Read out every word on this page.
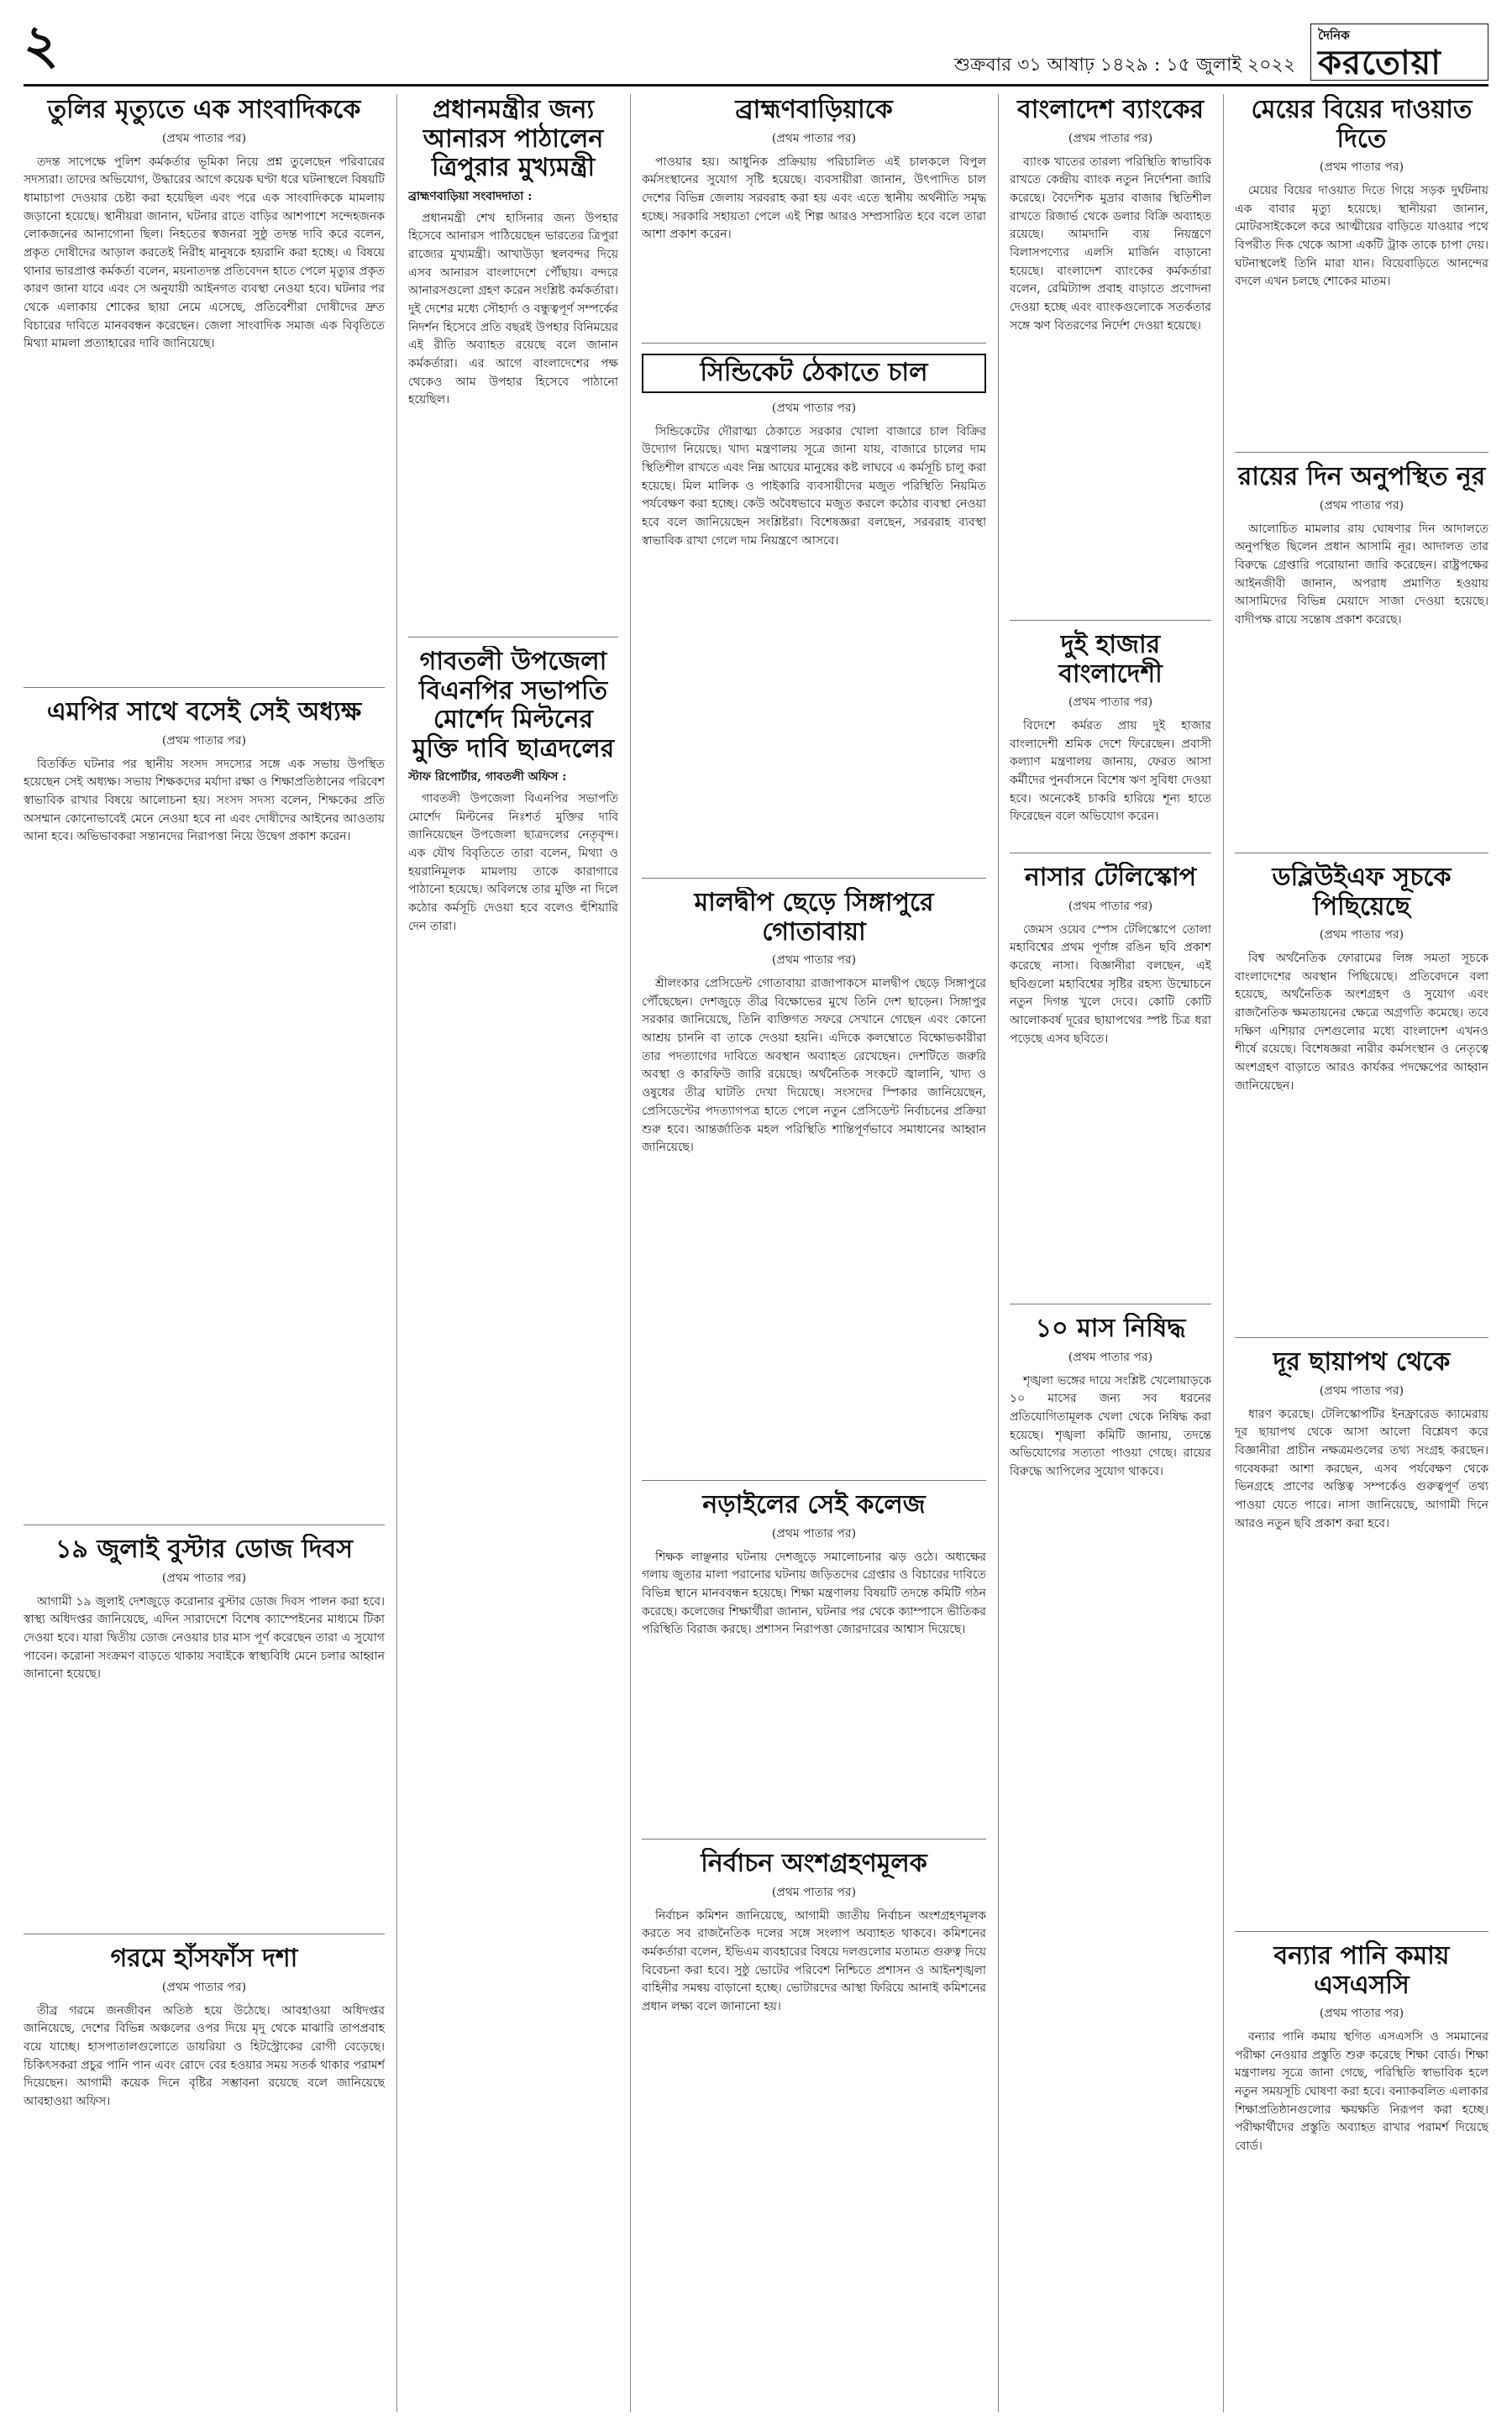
২	শুক্রবার ৩১ আষাঢ় ১৪২৯ : ১৫ জুলাই ২০২২
দৈনিক
করতোয়া
তুলির মৃত্যুতে এক সাংবাদিককে
(প্রথম পাতার পর)

তদন্ত সাপেক্ষে পুলিশ কর্মকর্তার ভূমিকা নিয়ে প্রশ্ন তুলেছেন পরিবারের সদস্যরা। তাদের অভিযোগ, উদ্ধারের আগে কয়েক ঘণ্টা ধরে ঘটনাস্থলে বিষয়টি ধামাচাপা দেওয়ার চেষ্টা করা হয়েছিল এবং পরে এক সাংবাদিককে মামলায় জড়ানো হয়েছে। স্থানীয়রা জানান, ঘটনার রাতে বাড়ির আশপাশে সন্দেহজনক লোকজনের আনাগোনা ছিল। নিহতের স্বজনরা সুষ্ঠু তদন্ত দাবি করে বলেন, প্রকৃত দোষীদের আড়াল করতেই নিরীহ মানুষকে হয়রানি করা হচ্ছে। এ বিষয়ে থানার ভারপ্রাপ্ত কর্মকর্তা বলেন, ময়নাতদন্ত প্রতিবেদন হাতে পেলে মৃত্যুর প্রকৃত কারণ জানা যাবে এবং সে অনুযায়ী আইনগত ব্যবস্থা নেওয়া হবে। ঘটনার পর থেকে এলাকায় শোকের ছায়া নেমে এসেছে, প্রতিবেশীরা দোষীদের দ্রুত বিচারের দাবিতে মানববন্ধন করেছেন। জেলা সাংবাদিক সমাজ এক বিবৃতিতে মিথ্যা মামলা প্রত্যাহারের দাবি জানিয়েছে।

এমপির সাথে বসেই সেই অধ্যক্ষ
(প্রথম পাতার পর)

বিতর্কিত ঘটনার পর স্থানীয় সংসদ সদস্যের সঙ্গে এক সভায় উপস্থিত হয়েছেন সেই অধ্যক্ষ। সভায় শিক্ষকদের মর্যাদা রক্ষা ও শিক্ষাপ্রতিষ্ঠানের পরিবেশ স্বাভাবিক রাখার বিষয়ে আলোচনা হয়। সংসদ সদস্য বলেন, শিক্ষকের প্রতি অসম্মান কোনোভাবেই মেনে নেওয়া হবে না এবং দোষীদের আইনের আওতায় আনা হবে। অভিভাবকরা সন্তানদের নিরাপত্তা নিয়ে উদ্বেগ প্রকাশ করেন।

১৯ জুলাই বুস্টার ডোজ দিবস
(প্রথম পাতার পর)

আগামী ১৯ জুলাই দেশজুড়ে করোনার বুস্টার ডোজ দিবস পালন করা হবে। স্বাস্থ্য অধিদপ্তর জানিয়েছে, এদিন সারাদেশে বিশেষ ক্যাম্পেইনের মাধ্যমে টিকা দেওয়া হবে। যারা দ্বিতীয় ডোজ নেওয়ার চার মাস পূর্ণ করেছেন তারা এ সুযোগ পাবেন। করোনা সংক্রমণ বাড়তে থাকায় সবাইকে স্বাস্থ্যবিধি মেনে চলার আহ্বান জানানো হয়েছে।

গরমে হাঁসফাঁস দশা
(প্রথম পাতার পর)

তীব্র গরমে জনজীবন অতিষ্ঠ হয়ে উঠেছে। আবহাওয়া অধিদপ্তর জানিয়েছে, দেশের বিভিন্ন অঞ্চলের ওপর দিয়ে মৃদু থেকে মাঝারি তাপপ্রবাহ বয়ে যাচ্ছে। হাসপাতালগুলোতে ডায়রিয়া ও হিটস্ট্রোকের রোগী বেড়েছে। চিকিৎসকরা প্রচুর পানি পান এবং রোদে বের হওয়ার সময় সতর্ক থাকার পরামর্শ দিয়েছেন। আগামী কয়েক দিনে বৃষ্টির সম্ভাবনা রয়েছে বলে জানিয়েছে আবহাওয়া অফিস।

প্রধানমন্ত্রীর জন্য আনারস পাঠালেন ত্রিপুরার মুখ্যমন্ত্রী
ব্রাহ্মণবাড়িয়া সংবাদদাতা :

প্রধানমন্ত্রী শেখ হাসিনার জন্য উপহার হিসেবে আনারস পাঠিয়েছেন ভারতের ত্রিপুরা রাজ্যের মুখ্যমন্ত্রী। আখাউড়া স্থলবন্দর দিয়ে এসব আনারস বাংলাদেশে পৌঁছায়। বন্দরে আনারসগুলো গ্রহণ করেন সংশ্লিষ্ট কর্মকর্তারা। দুই দেশের মধ্যে সৌহার্দ্য ও বন্ধুত্বপূর্ণ সম্পর্কের নিদর্শন হিসেবে প্রতি বছরই উপহার বিনিময়ের এই রীতি অব্যাহত রয়েছে বলে জানান কর্মকর্তারা। এর আগে বাংলাদেশের পক্ষ থেকেও আম উপহার হিসেবে পাঠানো হয়েছিল।

গাবতলী উপজেলা বিএনপির সভাপতি মোর্শেদ মিল্টনের মুক্তি দাবি ছাত্রদলের
স্টাফ রিপোর্টার, গাবতলী অফিস :

গাবতলী উপজেলা বিএনপির সভাপতি মোর্শেদ মিল্টনের নিঃশর্ত মুক্তির দাবি জানিয়েছেন উপজেলা ছাত্রদলের নেতৃবৃন্দ। এক যৌথ বিবৃতিতে তারা বলেন, মিথ্যা ও হয়রানিমূলক মামলায় তাকে কারাগারে পাঠানো হয়েছে। অবিলম্বে তার মুক্তি না দিলে কঠোর কর্মসূচি দেওয়া হবে বলেও হুঁশিয়ারি দেন তারা।

ব্রাহ্মণবাড়িয়াকে
(প্রথম পাতার পর)

পাওয়ার হয়। আধুনিক প্রক্রিয়ায় পরিচালিত এই চালকলে বিপুল কর্মসংস্থানের সুযোগ সৃষ্টি হয়েছে। ব্যবসায়ীরা জানান, উৎপাদিত চাল দেশের বিভিন্ন জেলায় সরবরাহ করা হয় এবং এতে স্থানীয় অর্থনীতি সমৃদ্ধ হচ্ছে। সরকারি সহায়তা পেলে এই শিল্প আরও সম্প্রসারিত হবে বলে তারা আশা প্রকাশ করেন।

সিন্ডিকেট ঠেকাতে চাল
(প্রথম পাতার পর)

সিন্ডিকেটের দৌরাত্ম্য ঠেকাতে সরকার খোলা বাজারে চাল বিক্রির উদ্যোগ নিয়েছে। খাদ্য মন্ত্রণালয় সূত্রে জানা যায়, বাজারে চালের দাম স্থিতিশীল রাখতে এবং নিম্ন আয়ের মানুষের কষ্ট লাঘবে এ কর্মসূচি চালু করা হয়েছে। মিল মালিক ও পাইকারি ব্যবসায়ীদের মজুত পরিস্থিতি নিয়মিত পর্যবেক্ষণ করা হচ্ছে। কেউ অবৈধভাবে মজুত করলে কঠোর ব্যবস্থা নেওয়া হবে বলে জানিয়েছেন সংশ্লিষ্টরা। বিশেষজ্ঞরা বলছেন, সরবরাহ ব্যবস্থা স্বাভাবিক রাখা গেলে দাম নিয়ন্ত্রণে আসবে।

মালদ্বীপ ছেড়ে সিঙ্গাপুরে গোতাবায়া
(প্রথম পাতার পর)

শ্রীলংকার প্রেসিডেন্ট গোতাবায়া রাজাপাকসে মালদ্বীপ ছেড়ে সিঙ্গাপুরে পৌঁছেছেন। দেশজুড়ে তীব্র বিক্ষোভের মুখে তিনি দেশ ছাড়েন। সিঙ্গাপুর সরকার জানিয়েছে, তিনি ব্যক্তিগত সফরে সেখানে গেছেন এবং কোনো আশ্রয় চাননি বা তাকে দেওয়া হয়নি। এদিকে কলম্বোতে বিক্ষোভকারীরা তার পদত্যাগের দাবিতে অবস্থান অব্যাহত রেখেছেন। দেশটিতে জরুরি অবস্থা ও কারফিউ জারি রয়েছে। অর্থনৈতিক সংকটে জ্বালানি, খাদ্য ও ওষুধের তীব্র ঘাটতি দেখা দিয়েছে। সংসদের স্পিকার জানিয়েছেন, প্রেসিডেন্টের পদত্যাগপত্র হাতে পেলে নতুন প্রেসিডেন্ট নির্বাচনের প্রক্রিয়া শুরু হবে। আন্তর্জাতিক মহল পরিস্থিতি শান্তিপূর্ণভাবে সমাধানের আহ্বান জানিয়েছে।

নড়াইলের সেই কলেজ
(প্রথম পাতার পর)

শিক্ষক লাঞ্ছনার ঘটনায় দেশজুড়ে সমালোচনার ঝড় ওঠে। অধ্যক্ষের গলায় জুতার মালা পরানোর ঘটনায় জড়িতদের গ্রেপ্তার ও বিচারের দাবিতে বিভিন্ন স্থানে মানববন্ধন হয়েছে। শিক্ষা মন্ত্রণালয় বিষয়টি তদন্তে কমিটি গঠন করেছে। কলেজের শিক্ষার্থীরা জানান, ঘটনার পর থেকে ক্যাম্পাসে ভীতিকর পরিস্থিতি বিরাজ করছে। প্রশাসন নিরাপত্তা জোরদারের আশ্বাস দিয়েছে।

নির্বাচন অংশগ্রহণমূলক
(প্রথম পাতার পর)

নির্বাচন কমিশন জানিয়েছে, আগামী জাতীয় নির্বাচন অংশগ্রহণমূলক করতে সব রাজনৈতিক দলের সঙ্গে সংলাপ অব্যাহত থাকবে। কমিশনের কর্মকর্তারা বলেন, ইভিএম ব্যবহারের বিষয়ে দলগুলোর মতামত গুরুত্ব দিয়ে বিবেচনা করা হবে। সুষ্ঠু ভোটের পরিবেশ নিশ্চিতে প্রশাসন ও আইনশৃঙ্খলা বাহিনীর সমন্বয় বাড়ানো হচ্ছে। ভোটারদের আস্থা ফিরিয়ে আনাই কমিশনের প্রধান লক্ষ্য বলে জানানো হয়।

বাংলাদেশ ব্যাংকের
(প্রথম পাতার পর)

ব্যাংক খাতের তারল্য পরিস্থিতি স্বাভাবিক রাখতে কেন্দ্রীয় ব্যাংক নতুন নির্দেশনা জারি করেছে। বৈদেশিক মুদ্রার বাজার স্থিতিশীল রাখতে রিজার্ভ থেকে ডলার বিক্রি অব্যাহত রয়েছে। আমদানি ব্যয় নিয়ন্ত্রণে বিলাসপণ্যের এলসি মার্জিন বাড়ানো হয়েছে। বাংলাদেশ ব্যাংকের কর্মকর্তারা বলেন, রেমিট্যান্স প্রবাহ বাড়াতে প্রণোদনা দেওয়া হচ্ছে এবং ব্যাংকগুলোকে সতর্কতার সঙ্গে ঋণ বিতরণের নির্দেশ দেওয়া হয়েছে।

দুই হাজার বাংলাদেশী
(প্রথম পাতার পর)

বিদেশে কর্মরত প্রায় দুই হাজার বাংলাদেশী শ্রমিক দেশে ফিরেছেন। প্রবাসী কল্যাণ মন্ত্রণালয় জানায়, ফেরত আসা কর্মীদের পুনর্বাসনে বিশেষ ঋণ সুবিধা দেওয়া হবে। অনেকেই চাকরি হারিয়ে শূন্য হাতে ফিরেছেন বলে অভিযোগ করেন।

নাসার টেলিস্কোপ
(প্রথম পাতার পর)

জেমস ওয়েব স্পেস টেলিস্কোপে তোলা মহাবিশ্বের প্রথম পূর্ণাঙ্গ রঙিন ছবি প্রকাশ করেছে নাসা। বিজ্ঞানীরা বলছেন, এই ছবিগুলো মহাবিশ্বের সৃষ্টির রহস্য উন্মোচনে নতুন দিগন্ত খুলে দেবে। কোটি কোটি আলোকবর্ষ দূরের ছায়াপথের স্পষ্ট চিত্র ধরা পড়েছে এসব ছবিতে।

১০ মাস নিষিদ্ধ
(প্রথম পাতার পর)

শৃঙ্খলা ভঙ্গের দায়ে সংশ্লিষ্ট খেলোয়াড়কে ১০ মাসের জন্য সব ধরনের প্রতিযোগিতামূলক খেলা থেকে নিষিদ্ধ করা হয়েছে। শৃঙ্খলা কমিটি জানায়, তদন্তে অভিযোগের সত্যতা পাওয়া গেছে। রায়ের বিরুদ্ধে আপিলের সুযোগ থাকবে।

মেয়ের বিয়ের দাওয়াত দিতে
(প্রথম পাতার পর)

মেয়ের বিয়ের দাওয়াত দিতে গিয়ে সড়ক দুর্ঘটনায় এক বাবার মৃত্যু হয়েছে। স্থানীয়রা জানান, মোটরসাইকেলে করে আত্মীয়ের বাড়িতে যাওয়ার পথে বিপরীত দিক থেকে আসা একটি ট্রাক তাকে চাপা দেয়। ঘটনাস্থলেই তিনি মারা যান। বিয়েবাড়িতে আনন্দের বদলে এখন চলছে শোকের মাতম।

রায়ের দিন অনুপস্থিত নূর
(প্রথম পাতার পর)

আলোচিত মামলার রায় ঘোষণার দিন আদালতে অনুপস্থিত ছিলেন প্রধান আসামি নূর। আদালত তার বিরুদ্ধে গ্রেপ্তারি পরোয়ানা জারি করেছেন। রাষ্ট্রপক্ষের আইনজীবী জানান, অপরাধ প্রমাণিত হওয়ায় আসামিদের বিভিন্ন মেয়াদে সাজা দেওয়া হয়েছে। বাদীপক্ষ রায়ে সন্তোষ প্রকাশ করেছে।

ডব্লিউইএফ সূচকে পিছিয়েছে
(প্রথম পাতার পর)

বিশ্ব অর্থনৈতিক ফোরামের লিঙ্গ সমতা সূচকে বাংলাদেশের অবস্থান পিছিয়েছে। প্রতিবেদনে বলা হয়েছে, অর্থনৈতিক অংশগ্রহণ ও সুযোগ এবং রাজনৈতিক ক্ষমতায়নের ক্ষেত্রে অগ্রগতি কমেছে। তবে দক্ষিণ এশিয়ার দেশগুলোর মধ্যে বাংলাদেশ এখনও শীর্ষে রয়েছে। বিশেষজ্ঞরা নারীর কর্মসংস্থান ও নেতৃত্বে অংশগ্রহণ বাড়াতে আরও কার্যকর পদক্ষেপের আহ্বান জানিয়েছেন।

দূর ছায়াপথ থেকে
(প্রথম পাতার পর)

ধারণ করেছে। টেলিস্কোপটির ইনফ্রারেড ক্যামেরায় দূর ছায়াপথ থেকে আসা আলো বিশ্লেষণ করে বিজ্ঞানীরা প্রাচীন নক্ষত্রমণ্ডলের তথ্য সংগ্রহ করছেন। গবেষকরা আশা করছেন, এসব পর্যবেক্ষণ থেকে ভিনগ্রহে প্রাণের অস্তিত্ব সম্পর্কেও গুরুত্বপূর্ণ তথ্য পাওয়া যেতে পারে। নাসা জানিয়েছে, আগামী দিনে আরও নতুন ছবি প্রকাশ করা হবে।

বন্যার পানি কমায় এসএসসি
(প্রথম পাতার পর)

বন্যার পানি কমায় স্থগিত এসএসসি ও সমমানের পরীক্ষা নেওয়ার প্রস্তুতি শুরু করেছে শিক্ষা বোর্ড। শিক্ষা মন্ত্রণালয় সূত্রে জানা গেছে, পরিস্থিতি স্বাভাবিক হলে নতুন সময়সূচি ঘোষণা করা হবে। বন্যাকবলিত এলাকার শিক্ষাপ্রতিষ্ঠানগুলোর ক্ষয়ক্ষতি নিরূপণ করা হচ্ছে। পরীক্ষার্থীদের প্রস্তুতি অব্যাহত রাখার পরামর্শ দিয়েছে বোর্ড।
